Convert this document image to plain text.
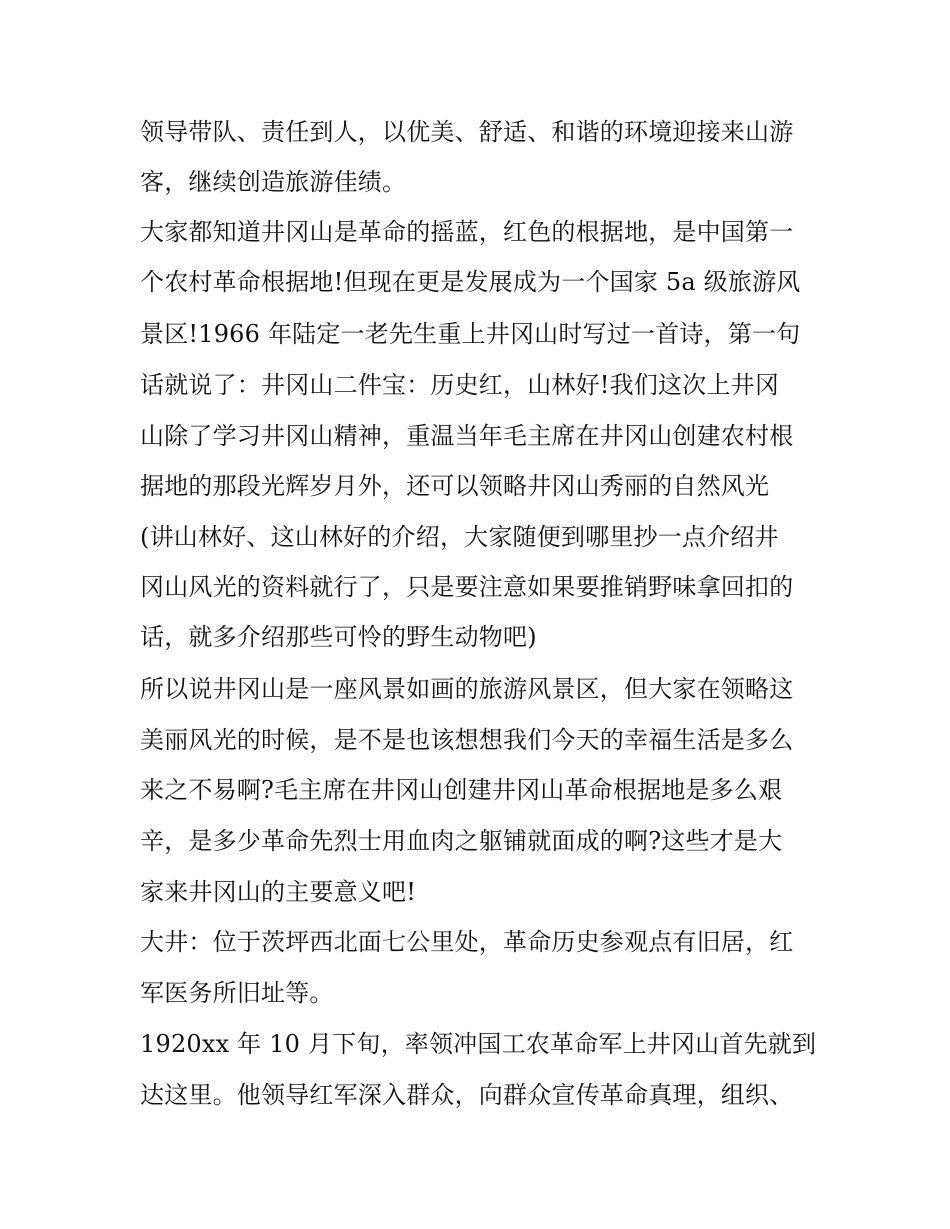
领导带队、责任到人，以优美、舒适、和谐的环境迎接来山游
客，继续创造旅游佳绩。
大家都知道井冈山是革命的摇蓝，红色的根据地，是中国第一
个农村革命根据地!但现在更是发展成为一个国家 5a 级旅游风
景区!1966 年陆定一老先生重上井冈山时写过一首诗，第一句
话就说了：井冈山二件宝：历史红，山林好!我们这次上井冈
山除了学习井冈山精神，重温当年毛主席在井冈山创建农村根
据地的那段光辉岁月外，还可以领略井冈山秀丽的自然风光
(讲山林好、这山林好的介绍，大家随便到哪里抄一点介绍井
冈山风光的资料就行了，只是要注意如果要推销野味拿回扣的
话，就多介绍那些可怜的野生动物吧)
所以说井冈山是一座风景如画的旅游风景区，但大家在领略这
美丽风光的时候，是不是也该想想我们今天的幸福生活是多么
来之不易啊?毛主席在井冈山创建井冈山革命根据地是多么艰
辛，是多少革命先烈士用血肉之躯铺就面成的啊?这些才是大
家来井冈山的主要意义吧!
大井：位于茨坪西北面七公里处，革命历史参观点有旧居，红
军医务所旧址等。
1920xx 年 10 月下旬，率领冲国工农革命军上井冈山首先就到
达这里。他领导红军深入群众，向群众宣传革命真理，组织、
